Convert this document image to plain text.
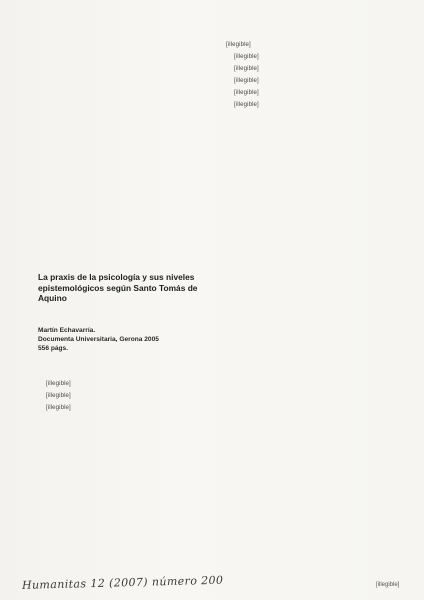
La praxis de la psicología y sus niveles epistemológicos según Santo Tomás de Aquino
Martín Echavarría.
Documenta Universitaria, Gerona 2005
556 págs.

[illegible]

[illegible]

[illegible]

[illegible]

[illegible]

[illegible]

[illegible]

[illegible]

[illegible]

Humanitas 12 (2007) número 200	[illegible]
